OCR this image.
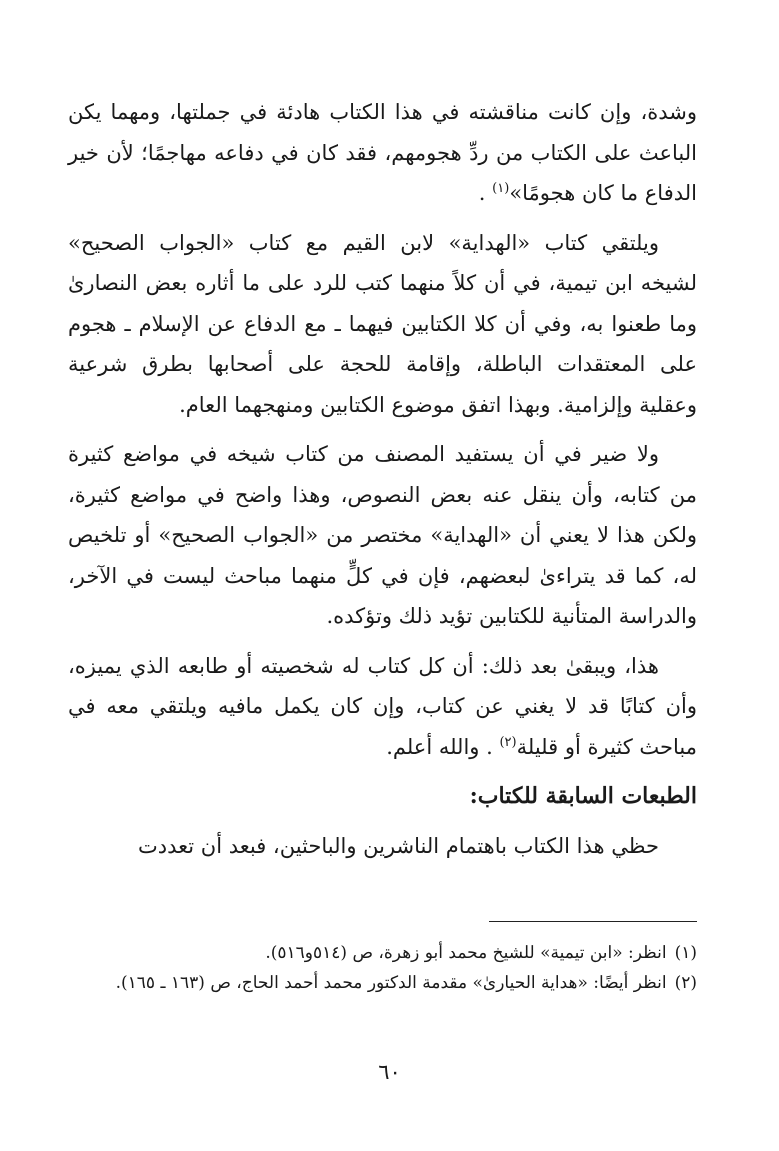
وشدة، وإن كانت مناقشته في هذا الكتاب هادئة في جملتها، ومهما يكن الباعث على الكتاب من ردِّ هجومهم، فقد كان في دفاعه مهاجمًا؛ لأن خير الدفاع ما كان هجومًا»$^{(١)}$ .

ويلتقي كتاب «الهداية» لابن القيم مع كتاب «الجواب الصحيح» لشيخه ابن تيمية، في أن كلاً منهما كتب للرد على ما أثاره بعض النصارىٰ وما طعنوا به، وفي أن كلا الكتابين فيهما ـ مع الدفاع عن الإسلام ـ هجوم على المعتقدات الباطلة، وإقامة للحجة على أصحابها بطرق شرعية وعقلية وإلزامية. وبهذا اتفق موضوع الكتابين ومنهجهما العام.

ولا ضير في أن يستفيد المصنف من كتاب شيخه في مواضع كثيرة من كتابه، وأن ينقل عنه بعض النصوص، وهذا واضح في مواضع كثيرة، ولكن هذا لا يعني أن «الهداية» مختصر من «الجواب الصحيح» أو تلخيص له، كما قد يتراءىٰ لبعضهم، فإن في كلٍّ منهما مباحث ليست في الآخر، والدراسة المتأنية للكتابين تؤيد ذلك وتؤكده.

هذا، ويبقىٰ بعد ذلك: أن كل كتاب له شخصيته أو طابعه الذي يميزه، وأن كتابًا قد لا يغني عن كتاب، وإن كان يكمل مافيه ويلتقي معه في مباحث كثيرة أو قليلة$^{(٢)}$ . والله أعلم.

الطبعات السابقة للكتاب:

حظي هذا الكتاب باهتمام الناشرين والباحثين، فبعد أن تعددت

(١)
انظر: «ابن تيمية» للشيخ محمد أبو زهرة، ص (٥١٤و٥١٦).

(٢)
انظر أيضًا: «هداية الحيارىٰ» مقدمة الدكتور محمد أحمد الحاج، ص (١٦٣ ـ ١٦٥).

٦٠
